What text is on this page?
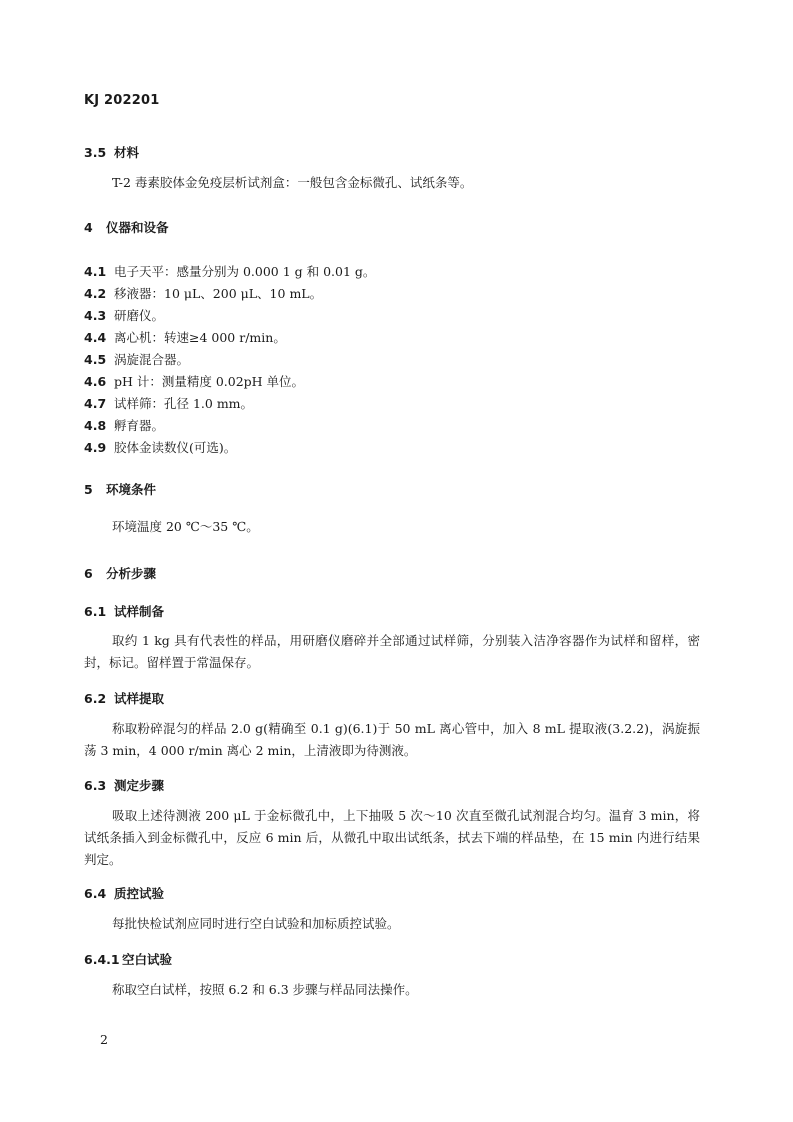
KJ 202201
3.5 材料
T-2 毒素胶体金免疫层析试剂盒：一般包含金标微孔、试纸条等。
4 仪器和设备
4.1 电子天平：感量分别为 0.000 1 g 和 0.01 g。
4.2 移液器：10 μL、200 μL、10 mL。
4.3 研磨仪。
4.4 离心机：转速≥4 000 r/min。
4.5 涡旋混合器。
4.6 pH 计：测量精度 0.02pH 单位。
4.7 试样筛：孔径 1.0 mm。
4.8 孵育器。
4.9 胶体金读数仪(可选)。
5 环境条件
环境温度 20 ℃～35 ℃。
6 分析步骤
6.1 试样制备
取约 1 kg 具有代表性的样品，用研磨仪磨碎并全部通过试样筛，分别装入洁净容器作为试样和留样，密封，标记。留样置于常温保存。
6.2 试样提取
称取粉碎混匀的样品 2.0 g(精确至 0.1 g)(6.1)于 50 mL 离心管中，加入 8 mL 提取液(3.2.2)，涡旋振荡 3 min，4 000 r/min 离心 2 min，上清液即为待测液。
6.3 测定步骤
吸取上述待测液 200 μL 于金标微孔中，上下抽吸 5 次～10 次直至微孔试剂混合均匀。温育 3 min，将试纸条插入到金标微孔中，反应 6 min 后，从微孔中取出试纸条，拭去下端的样品垫，在 15 min 内进行结果判定。
6.4 质控试验
每批快检试剂应同时进行空白试验和加标质控试验。
6.4.1 空白试验
称取空白试样，按照 6.2 和 6.3 步骤与样品同法操作。
2
